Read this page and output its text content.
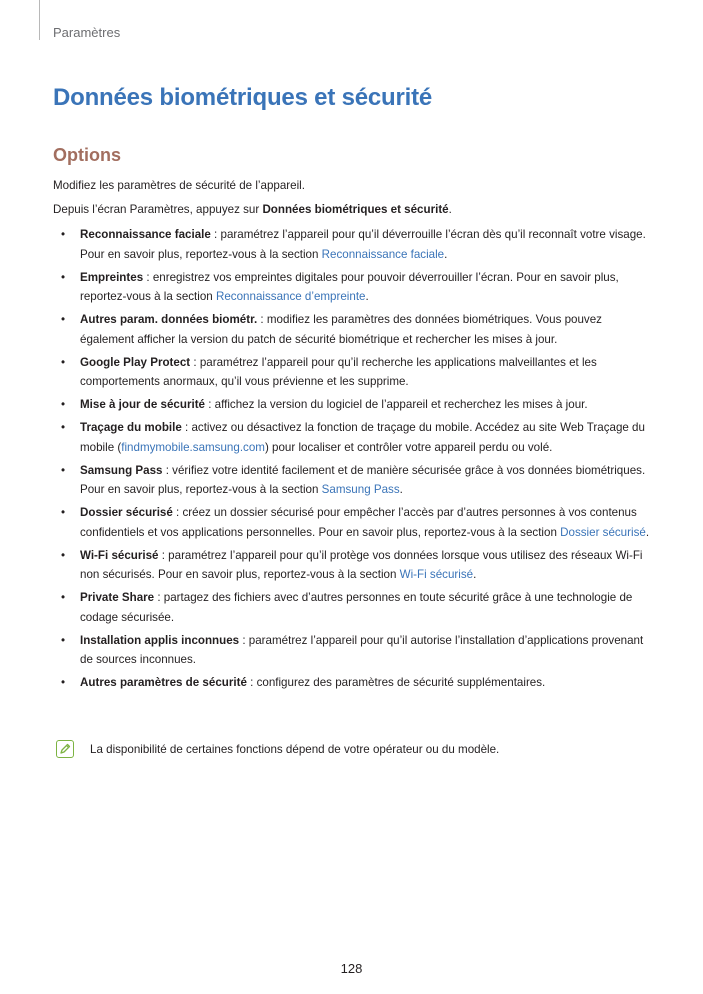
Paramètres
Données biométriques et sécurité
Options

Modifiez les paramètres de sécurité de l’appareil.

Depuis l’écran Paramètres, appuyez sur Données biométriques et sécurité.

• Reconnaissance faciale : paramétrez l’appareil pour qu’il déverrouille l’écran dès qu’il reconnaît votre visage. Pour en savoir plus, reportez-vous à la section Reconnaissance faciale.
• Empreintes : enregistrez vos empreintes digitales pour pouvoir déverrouiller l’écran. Pour en savoir plus, reportez-vous à la section Reconnaissance d’empreinte.
• Autres param. données biométr. : modifiez les paramètres des données biométriques. Vous pouvez également afficher la version du patch de sécurité biométrique et rechercher les mises à jour.
• Google Play Protect : paramétrez l’appareil pour qu’il recherche les applications malveillantes et les comportements anormaux, qu’il vous prévienne et les supprime.
• Mise à jour de sécurité : affichez la version du logiciel de l’appareil et recherchez les mises à jour.
• Traçage du mobile : activez ou désactivez la fonction de traçage du mobile. Accédez au site Web Traçage du mobile (findmymobile.samsung.com) pour localiser et contrôler votre appareil perdu ou volé.
• Samsung Pass : vérifiez votre identité facilement et de manière sécurisée grâce à vos données biométriques. Pour en savoir plus, reportez-vous à la section Samsung Pass.
• Dossier sécurisé : créez un dossier sécurisé pour empêcher l’accès par d’autres personnes à vos contenus confidentiels et vos applications personnelles. Pour en savoir plus, reportez-vous à la section Dossier sécurisé.
• Wi-Fi sécurisé : paramétrez l’appareil pour qu’il protège vos données lorsque vous utilisez des réseaux Wi-Fi non sécurisés. Pour en savoir plus, reportez-vous à la section Wi-Fi sécurisé.
• Private Share : partagez des fichiers avec d’autres personnes en toute sécurité grâce à une technologie de codage sécurisée.
• Installation applis inconnues : paramétrez l’appareil pour qu’il autorise l’installation d’applications provenant de sources inconnues.
• Autres paramètres de sécurité : configurez des paramètres de sécurité supplémentaires.
La disponibilité de certaines fonctions dépend de votre opérateur ou du modèle.
128
